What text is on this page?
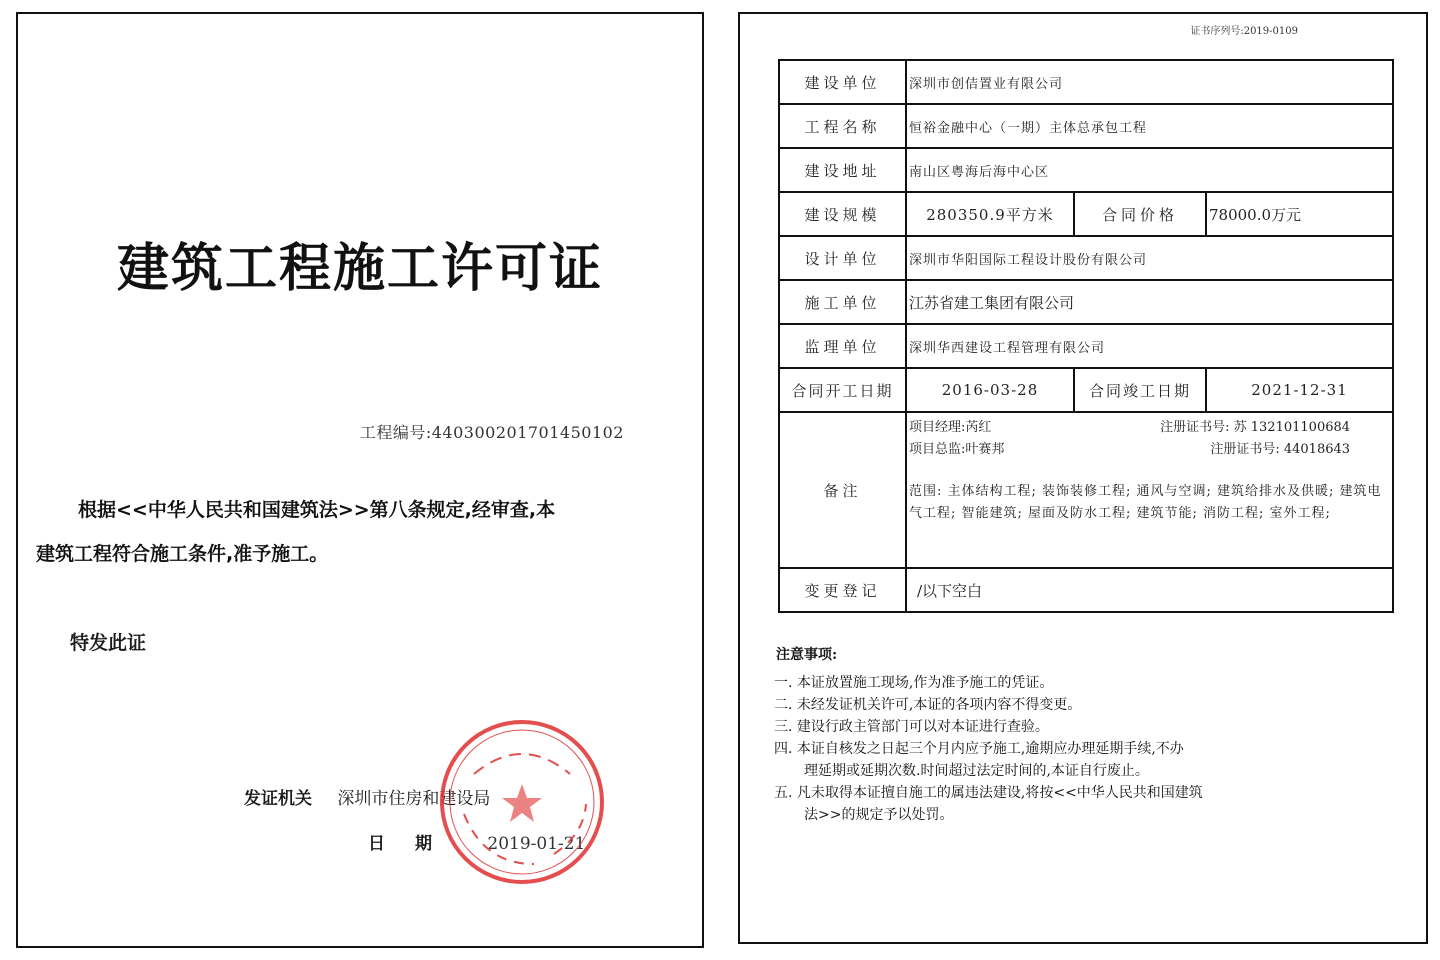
建筑工程施工许可证
工程编号:440300201701450102
根据<<中华人民共和国建筑法>>第八条规定,经审查,本
建筑工程符合施工条件,准予施工。
特发此证
发证机关 深圳市住房和建设局
日期 2019-01-21
证书序列号:2019-0109
建设单位	深圳市创佶置业有限公司		
工程名称	恒裕金融中心（一期）主体总承包工程		
建设地址	南山区粤海后海中心区		
建设规模	280350.9平方米	合同价格	78000.0万元
设计单位	深圳市华阳国际工程设计股份有限公司		
施工单位	江苏省建工集团有限公司		
监理单位	深圳华西建设工程管理有限公司		
合同开工日期	2016-03-28	合同竣工日期	2021-12-31
备注	项目经理:芮红 注册证书号: 苏 132101100684
项目总监:叶赛邦 注册证书号: 44018643
范围: 主体结构工程; 装饰装修工程; 通风与空调; 建筑给排水及供暖; 建筑电气工程; 智能建筑; 屋面及防水工程; 建筑节能; 消防工程; 室外工程;		

变更登记	/以下空白		
注意事项:
一. 本证放置施工现场,作为准予施工的凭证。
二. 未经发证机关许可,本证的各项内容不得变更。
三. 建设行政主管部门可以对本证进行查验。
四. 本证自核发之日起三个月内应予施工,逾期应办理延期手续,不办
理延期或延期次数.时间超过法定时间的,本证自行废止。
五. 凡未取得本证擅自施工的属违法建设,将按<<中华人民共和国建筑
法>>的规定予以处罚。
